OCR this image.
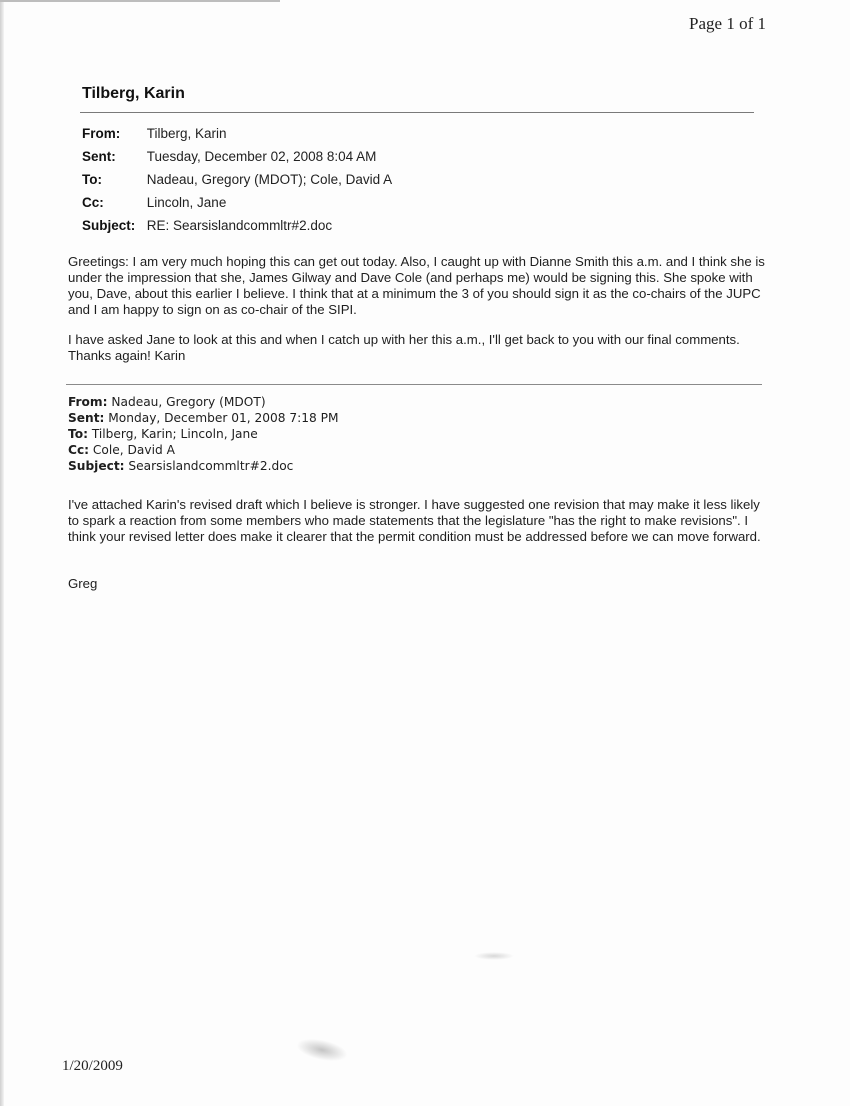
Page 1 of 1
Tilberg, Karin
From: Tilberg, Karin
Sent: Tuesday, December 02, 2008 8:04 AM
To:	Nadeau, Gregory (MDOT); Cole, David A
Cc:	Lincoln, Jane
Subject: RE: Searsislandcommltr#2.doc

Greetings: I am very much hoping this can get out today. Also, I caught up with Dianne Smith this a.m. and I think she is under the impression that she, James Gilway and Dave Cole (and perhaps me) would be signing this. She spoke with you, Dave, about this earlier I believe. I think that at a minimum the 3 of you should sign it as the co-chairs of the JUPC and I am happy to sign on as co-chair of the SIPI.

I have asked Jane to look at this and when I catch up with her this a.m., I'll get back to you with our final comments. Thanks again! Karin

From: Nadeau, Gregory (MDOT)
Sent: Monday, December 01, 2008 7:18 PM
To: Tilberg, Karin; Lincoln, Jane
Cc: Cole, David A
Subject: Searsislandcommltr#2.doc

I've attached Karin's revised draft which I believe is stronger. I have suggested one revision that may make it less likely to spark a reaction from some members who made statements that the legislature "has the right to make revisions". I think your revised letter does make it clearer that the permit condition must be addressed before we can move forward.

Greg

1/20/2009
